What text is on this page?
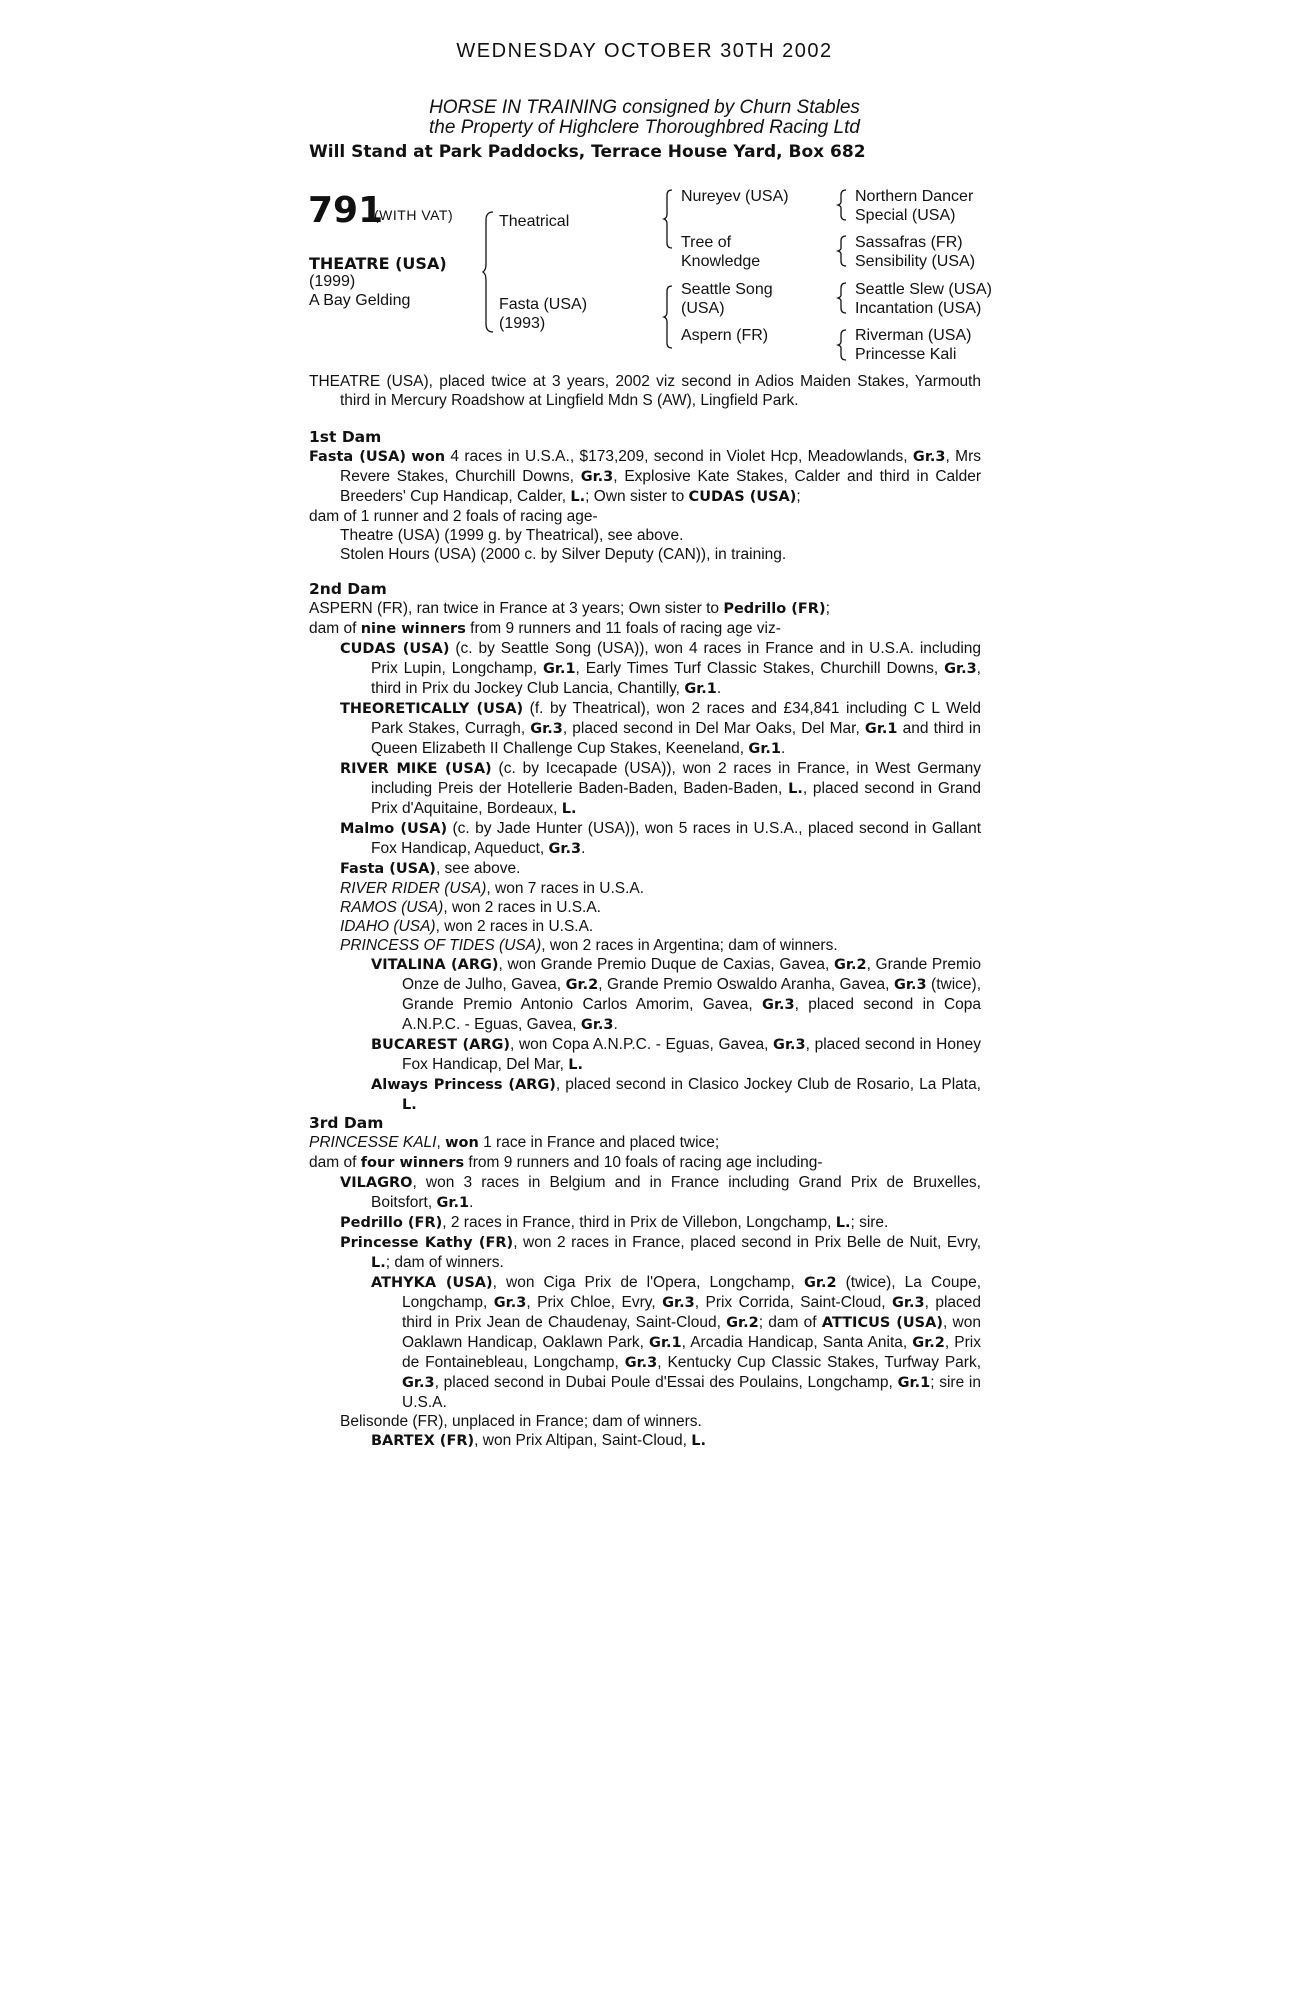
WEDNESDAY OCTOBER 30TH 2002
HORSE IN TRAINING consigned by Churn Stables
the Property of Highclere Thoroughbred Racing Ltd
Will Stand at Park Paddocks, Terrace House Yard, Box 682
791
(WITH VAT)
THEATRE (USA)
(1999)
A Bay Gelding
Theatrical
Fasta (USA)
(1993)
Nureyev (USA)
Tree of
Knowledge
Seattle Song
(USA)
Aspern (FR)
Northern Dancer
Special (USA)
Sassafras (FR)
Sensibility (USA)
Seattle Slew (USA)
Incantation (USA)
Riverman (USA)
Princesse Kali

THEATRE (USA), placed twice at 3 years, 2002 viz second in Adios Maiden Stakes, Yarmouth third in Mercury Roadshow at Lingfield Mdn S (AW), Lingfield Park.

1st Dam

Fasta (USA) won 4 races in U.S.A., $173,209, second in Violet Hcp, Meadowlands, Gr.3, Mrs Revere Stakes, Churchill Downs, Gr.3, Explosive Kate Stakes, Calder and third in Calder Breeders' Cup Handicap, Calder, L.; Own sister to CUDAS (USA);

dam of 1 runner and 2 foals of racing age-

Theatre (USA) (1999 g. by Theatrical), see above.

Stolen Hours (USA) (2000 c. by Silver Deputy (CAN)), in training.

2nd Dam

ASPERN (FR), ran twice in France at 3 years; Own sister to Pedrillo (FR);

dam of nine winners from 9 runners and 11 foals of racing age viz-

CUDAS (USA) (c. by Seattle Song (USA)), won 4 races in France and in U.S.A. including Prix Lupin, Longchamp, Gr.1, Early Times Turf Classic Stakes, Churchill Downs, Gr.3, third in Prix du Jockey Club Lancia, Chantilly, Gr.1.

THEORETICALLY (USA) (f. by Theatrical), won 2 races and £34,841 including C L Weld Park Stakes, Curragh, Gr.3, placed second in Del Mar Oaks, Del Mar, Gr.1 and third in Queen Elizabeth II Challenge Cup Stakes, Keeneland, Gr.1.

RIVER MIKE (USA) (c. by Icecapade (USA)), won 2 races in France, in West Germany including Preis der Hotellerie Baden-Baden, Baden-Baden, L., placed second in Grand Prix d'Aquitaine, Bordeaux, L.

Malmo (USA) (c. by Jade Hunter (USA)), won 5 races in U.S.A., placed second in Gallant Fox Handicap, Aqueduct, Gr.3.

Fasta (USA), see above.

RIVER RIDER (USA), won 7 races in U.S.A.

RAMOS (USA), won 2 races in U.S.A.

IDAHO (USA), won 2 races in U.S.A.

PRINCESS OF TIDES (USA), won 2 races in Argentina; dam of winners.

VITALINA (ARG), won Grande Premio Duque de Caxias, Gavea, Gr.2, Grande Premio Onze de Julho, Gavea, Gr.2, Grande Premio Oswaldo Aranha, Gavea, Gr.3 (twice), Grande Premio Antonio Carlos Amorim, Gavea, Gr.3, placed second in Copa A.N.P.C. - Eguas, Gavea, Gr.3.

BUCAREST (ARG), won Copa A.N.P.C. - Eguas, Gavea, Gr.3, placed second in Honey Fox Handicap, Del Mar, L.

Always Princess (ARG), placed second in Clasico Jockey Club de Rosario, La Plata, L.

3rd Dam

PRINCESSE KALI, won 1 race in France and placed twice;

dam of four winners from 9 runners and 10 foals of racing age including-

VILAGRO, won 3 races in Belgium and in France including Grand Prix de Bruxelles, Boitsfort, Gr.1.

Pedrillo (FR), 2 races in France, third in Prix de Villebon, Longchamp, L.; sire.

Princesse Kathy (FR), won 2 races in France, placed second in Prix Belle de Nuit, Evry, L.; dam of winners.

ATHYKA (USA), won Ciga Prix de l'Opera, Longchamp, Gr.2 (twice), La Coupe, Longchamp, Gr.3, Prix Chloe, Evry, Gr.3, Prix Corrida, Saint-Cloud, Gr.3, placed third in Prix Jean de Chaudenay, Saint-Cloud, Gr.2; dam of ATTICUS (USA), won Oaklawn Handicap, Oaklawn Park, Gr.1, Arcadia Handicap, Santa Anita, Gr.2, Prix de Fontainebleau, Longchamp, Gr.3, Kentucky Cup Classic Stakes, Turfway Park, Gr.3, placed second in Dubai Poule d'Essai des Poulains, Longchamp, Gr.1; sire in U.S.A.

Belisonde (FR), unplaced in France; dam of winners.

BARTEX (FR), won Prix Altipan, Saint-Cloud, L.
